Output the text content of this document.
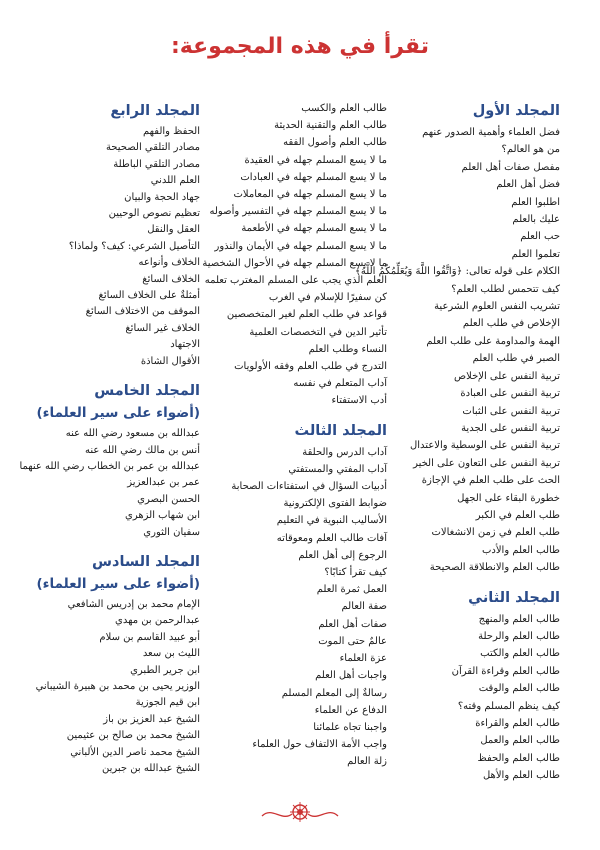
تقرأ في هذه المجموعة:
المجلد الأول
فضل العلماء وأهمية الصدور عنهم
من هو العالم؟
مفصل صفات أهل العلم
فضل أهل العلم
اطلبوا العلم
عليك بالعلم
حب العلم
تعلموا العلم
الكلام على قوله تعالى: ﴿وَاتَّقُوا اللَّهَ وَيُعَلِّمُكُمُ اللَّهُ﴾
كيف تتحمس لطلب العلم؟
تشريب النفس العلوم الشرعية
الإخلاص في طلب العلم
الهمة والمداومة على طلب العلم
الصبر في طلب العلم
تربية النفس على الإخلاص
تربية النفس على العبادة
تربية النفس على الثبات
تربية النفس على الجدية
تربية النفس على الوسطية والاعتدال
تربية النفس على التعاون على الخير
الحث على طلب العلم في الإجازة
خطورة البقاء على الجهل
طلب العلم في الكبر
طلب العلم في زمن الانشغالات
طالب العلم والأدب
طالب العلم والانطلاقة الصحيحة
المجلد الثاني
طالب العلم والمنهج
طالب العلم والرحلة
طالب العلم والكتب
طالب العلم وقراءة القرآن
طالب العلم والوقت
كيف ينظم المسلم وقته؟
طالب العلم والقراءة
طالب العلم والعمل
طالب العلم والحفظ
طالب العلم والأهل
طالب العلم والكسب
طالب العلم والتقنية الحديثة
طالب العلم وأصول الفقه
ما لا يسع المسلم جهله في العقيدة
ما لا يسع المسلم جهله في العبادات
ما لا يسع المسلم جهله في المعاملات
ما لا يسع المسلم جهله في التفسير وأصوله
ما لا يسع المسلم جهله في الأطعمة
ما لا يسع المسلم جهله في الأيمان والنذور
ما لا يسع المسلم جهله في الأحوال الشخصية
العلم الذي يجب على المسلم المغترب تعلمه
كن سفيرًا للإسلام في الغرب
قواعد في طلب العلم لغير المتخصصين
تأثير الدين في التخصصات العلمية
النساء وطلب العلم
التدرج في طلب العلم وفقه الأولويات
آداب المتعلم في نفسه
أدب الاستفتاء
المجلد الثالث
آداب الدرس والحلقة
آداب المفتي والمستفتي
أدبيات السؤال في استفتاءات الصحابة
ضوابط الفتوى الإلكترونية
الأساليب النبوية في التعليم
آفات طالب العلم ومعوقاته
الرجوع إلى أهل العلم
كيف تقرأ كتابًا؟
العمل ثمرة العلم
صفة العالم
صفات أهل العلم
عالمٌ حتى الموت
عزة العلماء
واجبات أهل العلم
رسالةٌ إلى المعلم المسلم
الدفاع عن العلماء
واجبنا تجاه علمائنا
واجب الأمة الالتفاف حول العلماء
زلة العالم
المجلد الرابع
الحفظ والفهم
مصادر التلقي الصحيحة
مصادر التلقي الباطلة
العلم اللدني
جهاد الحجة والبيان
تعظيم نصوص الوحيين
العقل والنقل
التأصيل الشرعي: كيف؟ ولماذا؟
الخلاف وأنواعه
الخلاف السائغ
أمثلةٌ على الخلاف السائغ
الموقف من الاختلاف السائغ
الخلاف غير السائغ
الاجتهاد
الأقوال الشاذة
المجلد الخامس
(أضواء على سير العلماء)
عبدالله بن مسعود رضي الله عنه
أنس بن مالك رضي الله عنه
عبدالله بن عمر بن الخطاب رضي الله عنهما
عمر بن عبدالعزيز
الحسن البصري
ابن شهاب الزهري
سفيان الثوري
المجلد السادس
(أضواء على سير العلماء)
الإمام محمد بن إدريس الشافعي
عبدالرحمن بن مهدي
أبو عبيد القاسم بن سلام
الليث بن سعد
ابن جرير الطبري
الوزير يحيى بن محمد بن هبيرة الشيباني
ابن قيم الجوزية
الشيخ عبد العزيز بن باز
الشيخ محمد بن صالح بن عثيمين
الشيخ محمد ناصر الدين الألباني
الشيخ عبدالله بن جبرين
